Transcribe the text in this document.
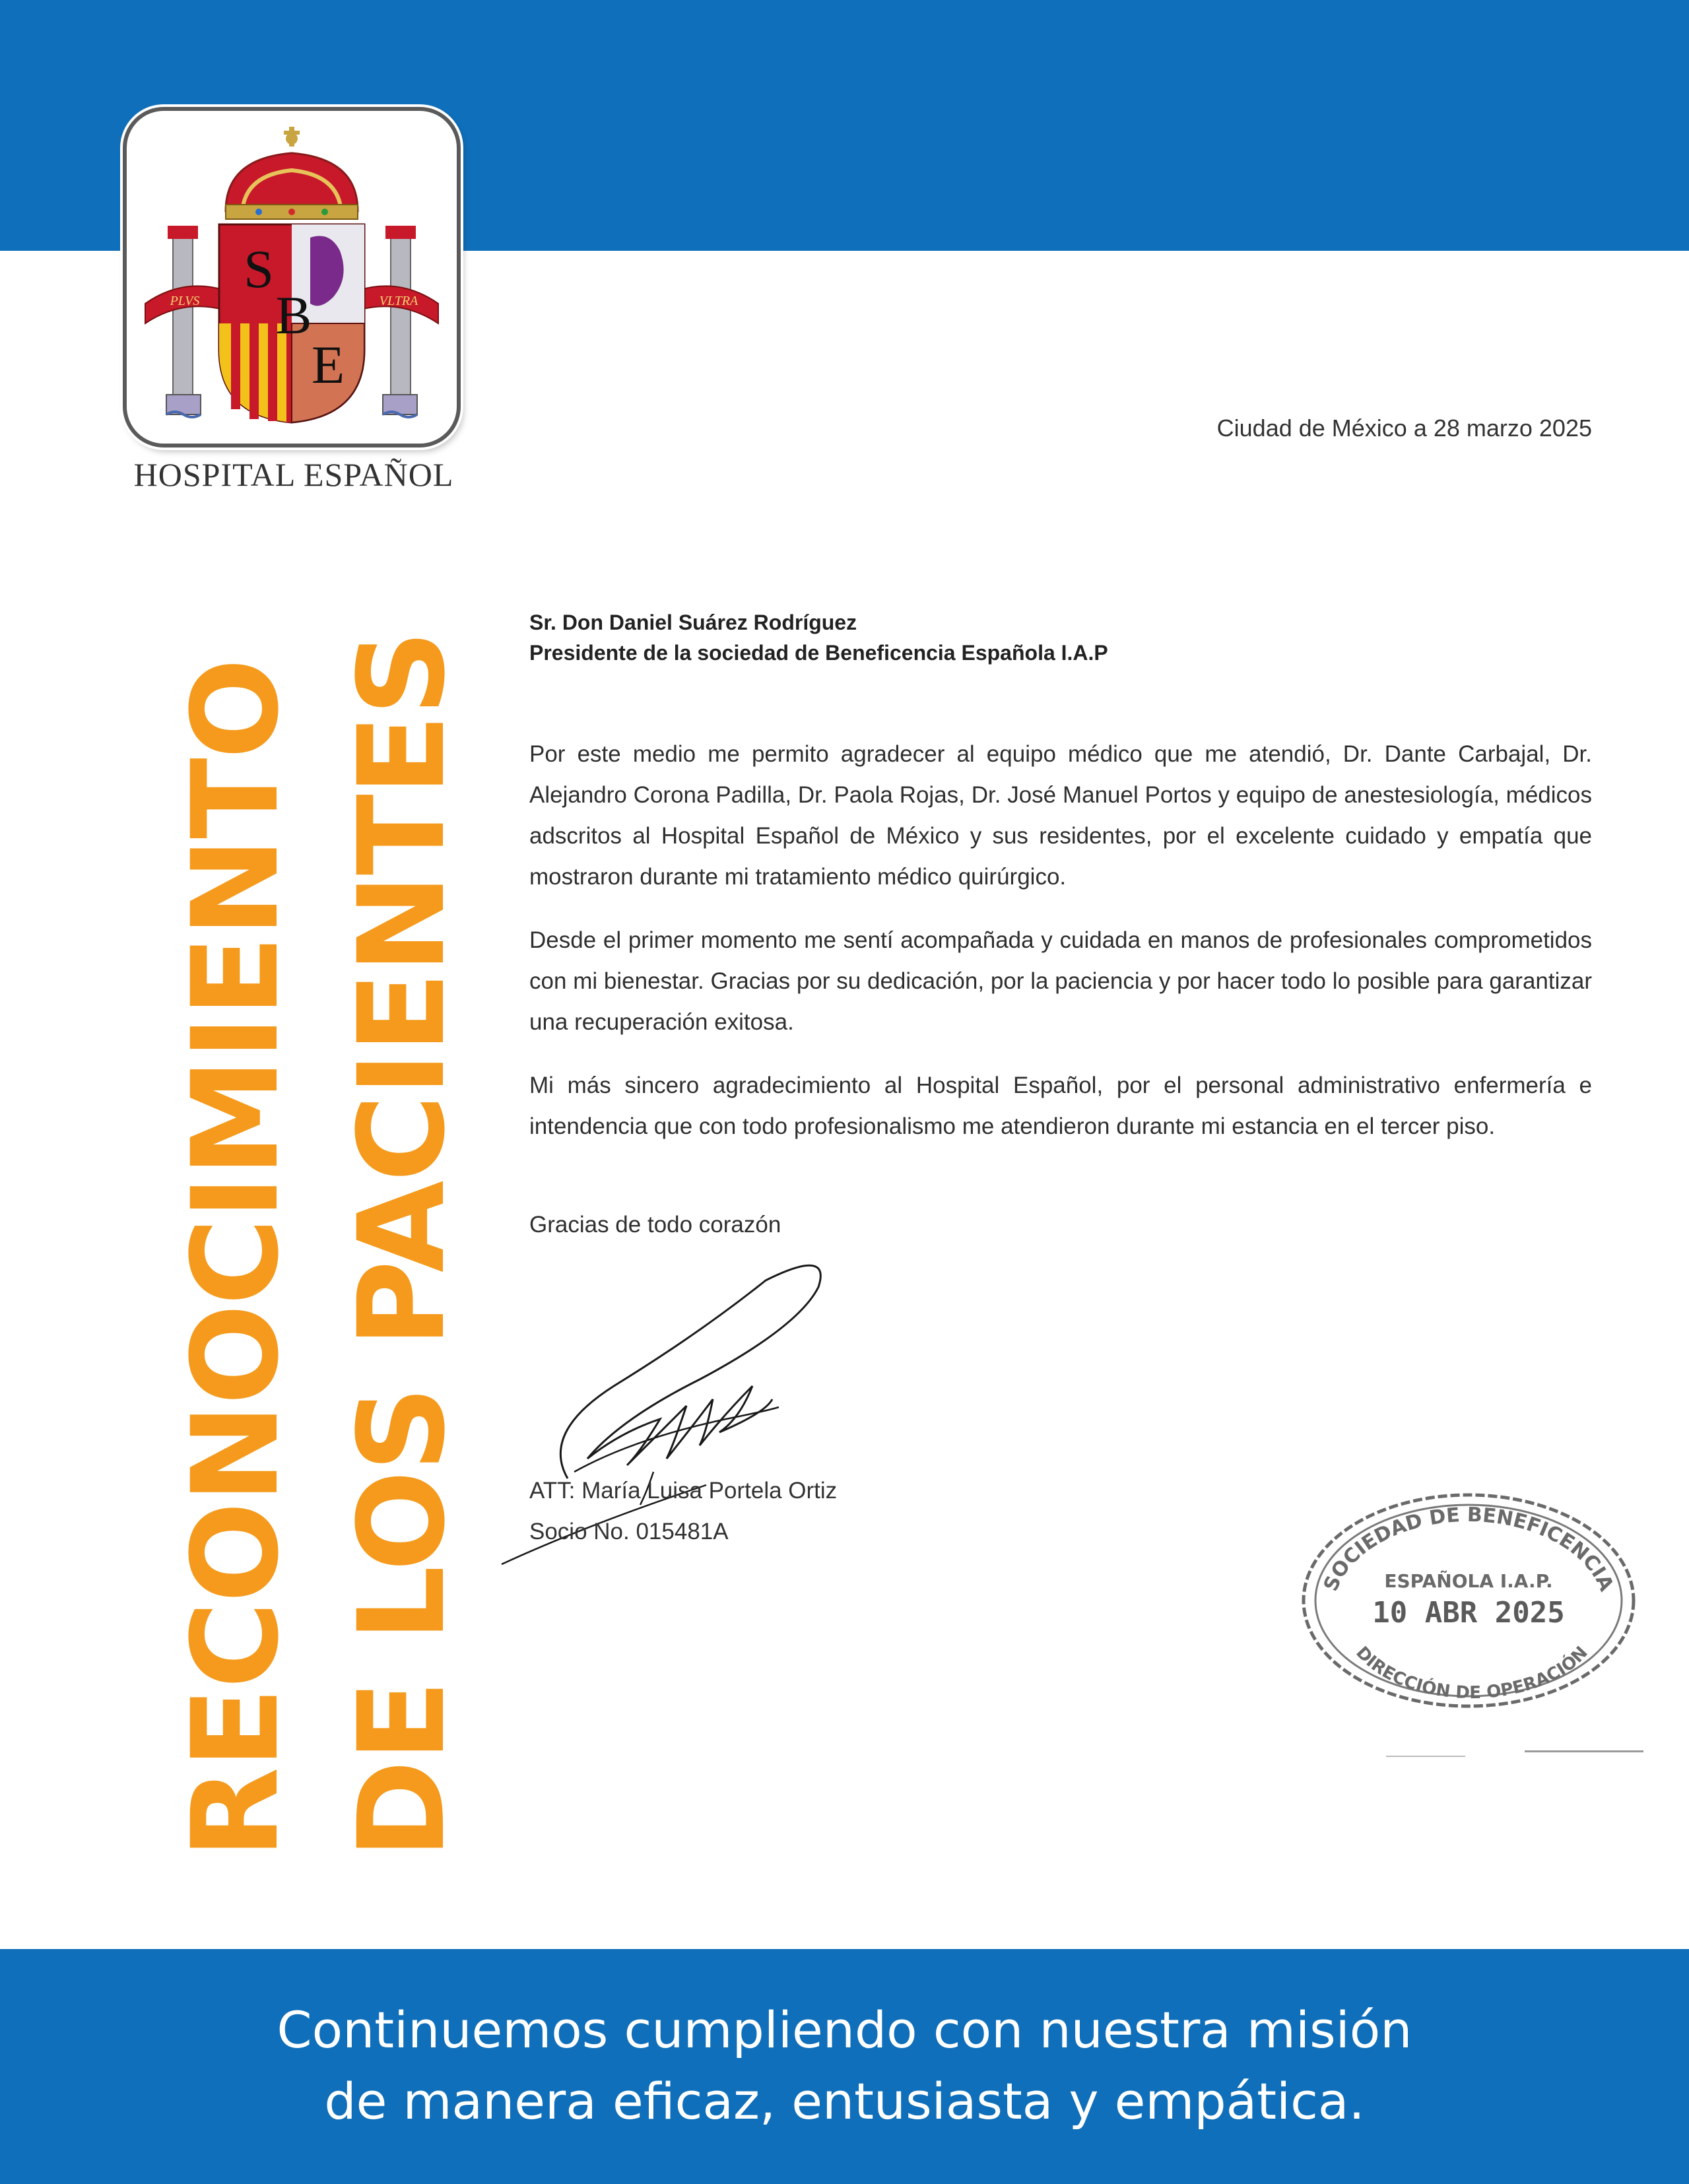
PLVS	VLTRA
S
B
E
HOSPITAL ESPAÑOL
RECONOCIMIENTO DE LOS PACIENTES
Ciudad de México a 28 marzo 2025
Sr. Don Daniel Suárez Rodríguez
Presidente de la sociedad de Beneficencia Española I.A.P
Por este medio me permito agradecer al equipo médico que me atendió, Dr. Dante Carbajal, Dr. Alejandro Corona Padilla, Dr. Paola Rojas, Dr. José Manuel Portos y equipo de anestesiología, médicos adscritos al Hospital Español de México y sus residentes, por el excelente cuidado y empatía que mostraron durante mi tratamiento médico quirúrgico.
Desde el primer momento me sentí acompañada y cuidada en manos de profesionales comprometidos con mi bienestar. Gracias por su dedicación, por la paciencia y por hacer todo lo posible para garantizar una recuperación exitosa.
Mi más sincero agradecimiento al Hospital Español, por el personal administrativo enfermería e intendencia que con todo profesionalismo me atendieron durante mi estancia en el tercer piso.
Gracias de todo corazón
ATT: María Luisa Portela Ortiz
Socio No. 015481A
SOCIEDAD DE BENEFICENCIA
ESPAÑOLA I.A.P.
10 ABR 2025
DIRECCIÓN DE OPERACIÓN
Continuemos cumpliendo con nuestra misión
de manera eficaz, entusiasta y empática.
